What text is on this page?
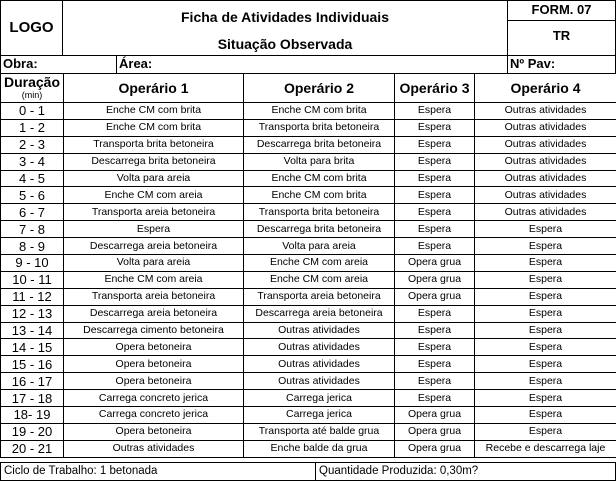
LOGO
Ficha de Atividades Individuais
Situação Observada
FORM. 07
TR
Obra:	Área:	Nº Pav:
Duração
(min)	Operário 1	Operário 2	Operário 3	Operário 4
0 - 1	Enche CM com brita	Enche CM com brita	Espera	Outras atividades
1 - 2	Enche CM com brita	Transporta brita betoneira	Espera	Outras atividades
2 - 3	Transporta brita betoneira	Descarrega brita betoneira	Espera	Outras atividades
3 - 4	Descarrega brita betoneira	Volta para brita	Espera	Outras atividades
4 - 5	Volta para areia	Enche CM com brita	Espera	Outras atividades
5 - 6	Enche CM com areia	Enche CM com brita	Espera	Outras atividades
6 - 7	Transporta areia betoneira	Transporta brita betoneira	Espera	Outras atividades
7 - 8	Espera	Descarrega brita betoneira	Espera	Espera
8 - 9	Descarrega areia betoneira	Volta para areia	Espera	Espera
9 - 10	Volta para areia	Enche CM com areia	Opera grua	Espera
10 - 11	Enche CM com areia	Enche CM com areia	Opera grua	Espera
11 - 12	Transporta areia betoneira	Transporta areia betoneira	Opera grua	Espera
12 - 13	Descarrega areia betoneira	Descarrega areia betoneira	Espera	Espera
13 - 14	Descarrega cimento betoneira	Outras atividades	Espera	Espera
14 - 15	Opera betoneira	Outras atividades	Espera	Espera
15 - 16	Opera betoneira	Outras atividades	Espera	Espera
16 - 17	Opera betoneira	Outras atividades	Espera	Espera
17 - 18	Carrega concreto jerica	Carrega jerica	Espera	Espera
18- 19	Carrega concreto jerica	Carrega jerica	Opera grua	Espera
19 - 20	Opera betoneira	Transporta até balde grua	Opera grua	Espera
20 - 21	Outras atividades	Enche balde da grua	Opera grua	Recebe e descarrega laje
Ciclo de Trabalho: 1 betonada	Quantidade Produzida: 0,30m?
